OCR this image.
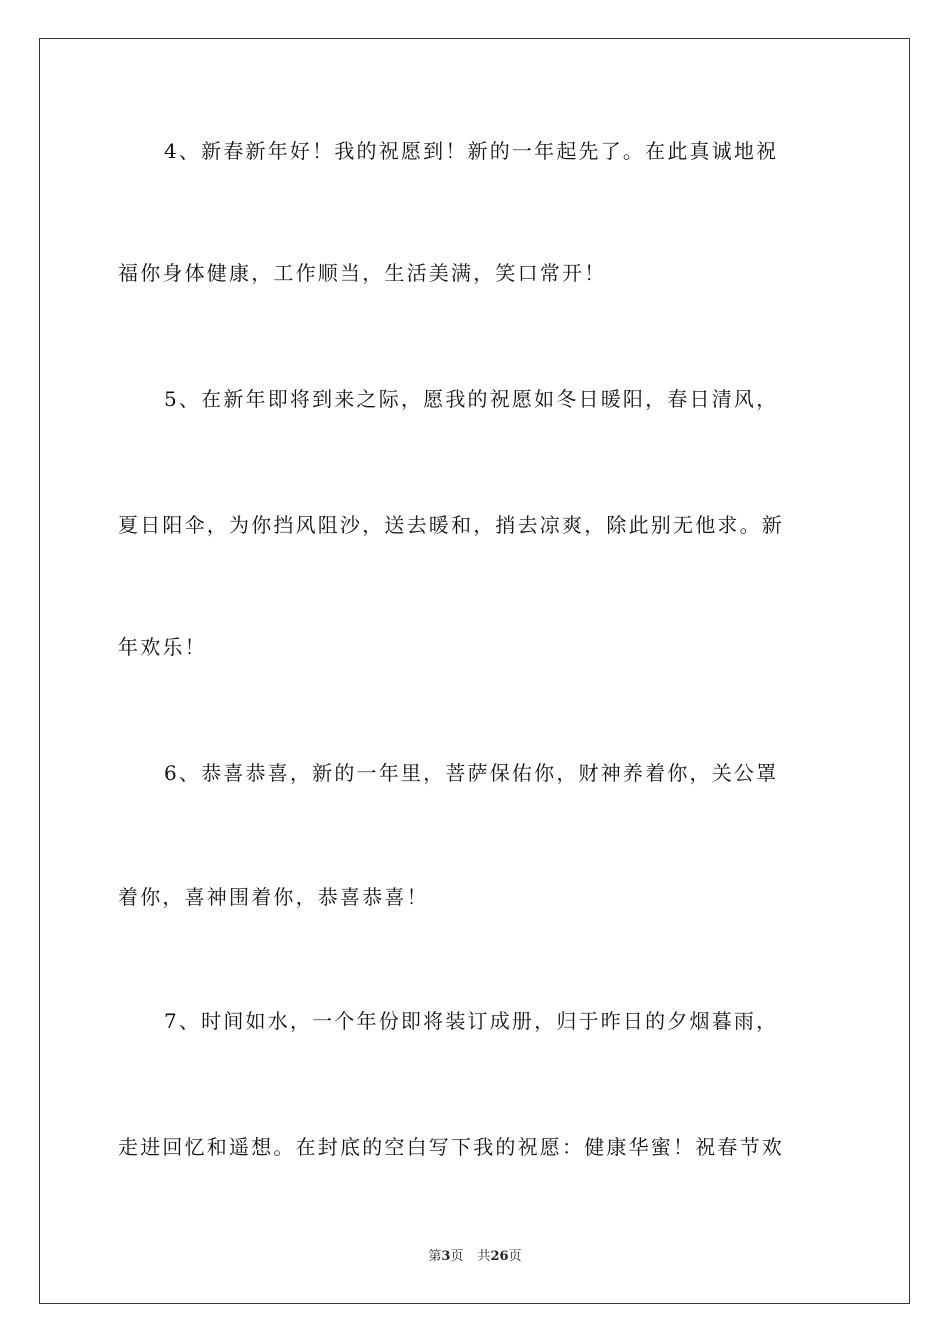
4、新春新年好！我的祝愿到！新的一年起先了。在此真诚地祝
福你身体健康，工作顺当，生活美满，笑口常开！
5、在新年即将到来之际，愿我的祝愿如冬日暖阳，春日清风，
夏日阳伞，为你挡风阻沙，送去暖和，捎去凉爽，除此别无他求。新
年欢乐！
6、恭喜恭喜，新的一年里，菩萨保佑你，财神养着你，关公罩
着你，喜神围着你，恭喜恭喜！
7、时间如水，一个年份即将装订成册，归于昨日的夕烟暮雨，
走进回忆和遥想。在封底的空白写下我的祝愿：健康华蜜！祝春节欢
第3页 共26页
